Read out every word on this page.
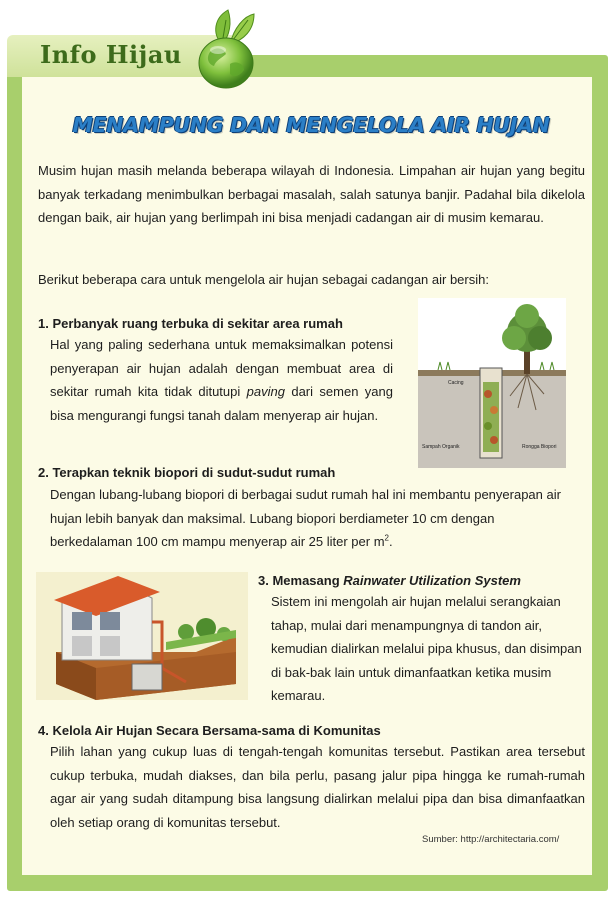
Info Hijau
MENAMPUNG DAN MENGELOLA AIR HUJAN
Musim hujan masih melanda beberapa wilayah di Indonesia. Limpahan air hujan yang begitu banyak terkadang menimbulkan berbagai masalah, salah satunya banjir. Padahal bila dikelola dengan baik, air hujan yang berlimpah ini bisa menjadi cadangan air di musim kemarau.
Berikut beberapa cara untuk mengelola air hujan sebagai cadangan air bersih:
1. Perbanyak ruang terbuka di sekitar area rumah
Hal yang paling sederhana untuk memaksimalkan potensi penyerapan air hujan adalah dengan membuat area di sekitar rumah kita tidak ditutupi paving dari semen yang bisa mengurangi fungsi tanah dalam menyerap air hujan.
Sampah Organik
Cacing
Rongga Biopori
2. Terapkan teknik biopori di sudut-sudut rumah
Dengan lubang-lubang biopori di berbagai sudut rumah hal ini membantu penyerapan air hujan lebih banyak dan maksimal. Lubang biopori berdiameter 10 cm dengan berkedalaman 100 cm mampu menyerap air 25 liter per $m^2$.
3. Memasang Rainwater Utilization System
Sistem ini mengolah air hujan melalui serangkaian tahap, mulai dari menampungnya di tandon air, kemudian dialirkan melalui pipa khusus, dan disimpan di bak-bak lain untuk dimanfaatkan ketika musim kemarau.
4. Kelola Air Hujan Secara Bersama-sama di Komunitas
Pilih lahan yang cukup luas di tengah-tengah komunitas tersebut. Pastikan area tersebut cukup terbuka, mudah diakses, dan bila perlu, pasang jalur pipa hingga ke rumah-rumah agar air yang sudah ditampung bisa langsung dialirkan melalui pipa dan bisa dimanfaatkan oleh setiap orang di komunitas tersebut.
Sumber: http://architectaria.com/
